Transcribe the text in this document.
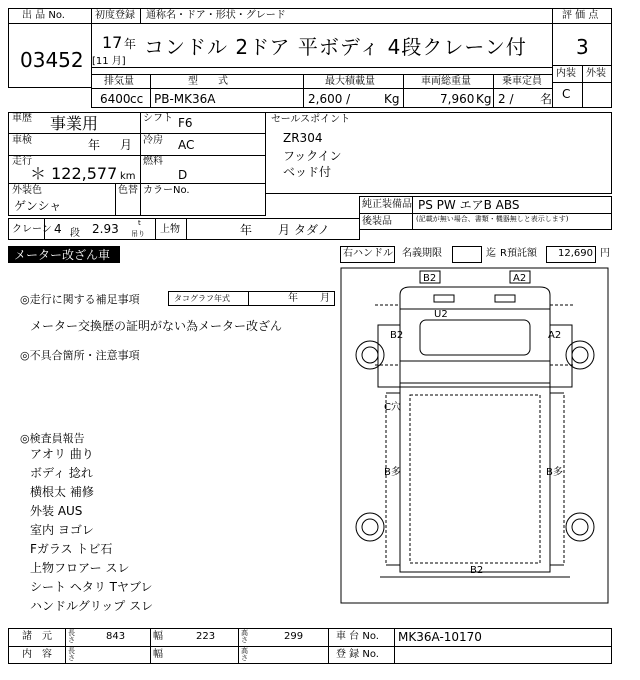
出 品 No.
03452
初度登録 通称名・ドア・形状・グレード
17 年
[11 月]
コンドル 2ドア 平ボディ 4段クレーン付
評 価 点
3
内装 外装
C
排気量	型　　式	最大積載量	車両総重量	乗車定員
6400 cc PB-MK36A	2,600 /	Kg	7,960 Kg 2 / 名
車歴 事業用	シフト F6
車検	年 月 冷房 AC
走行
＊ 122,577 km
燃料
D
外装色
ゲンシャ
色替 カラーNo.
クレーン 4 段 2.93	t
吊り 上物	年 月 タダノ
セールスポイント
ZR304
フックイン
ベッド付
純正装備品 PS PW エアB ABS
後装品	(記載が無い場合、書類・機器無しと表示します)
メーター改ざん車	右ハンドル 名義期限	迄 R預託額 12,690 円
◎走行に関する補足事項	タコグラフ年式	年 月
メーター交換歴の証明がない為メーター改ざん
◎不具合箇所・注意事項
◎検査員報告
アオリ 曲り
ボディ 捻れ
横根太 補修
外装 AUS
室内 ヨゴレ
Fガラス トビ石
上物フロアー スレ
シート ヘタリ Tヤブレ
ハンドルグリップ スレ
B2	A2
U2
B2	A2
C穴
B多	B多
B2
諸　元 長さ	843	幅	223	高さ	299	車 台 No. MK36A-10170
内　容 長さ	幅	高さ	登 録 No.
